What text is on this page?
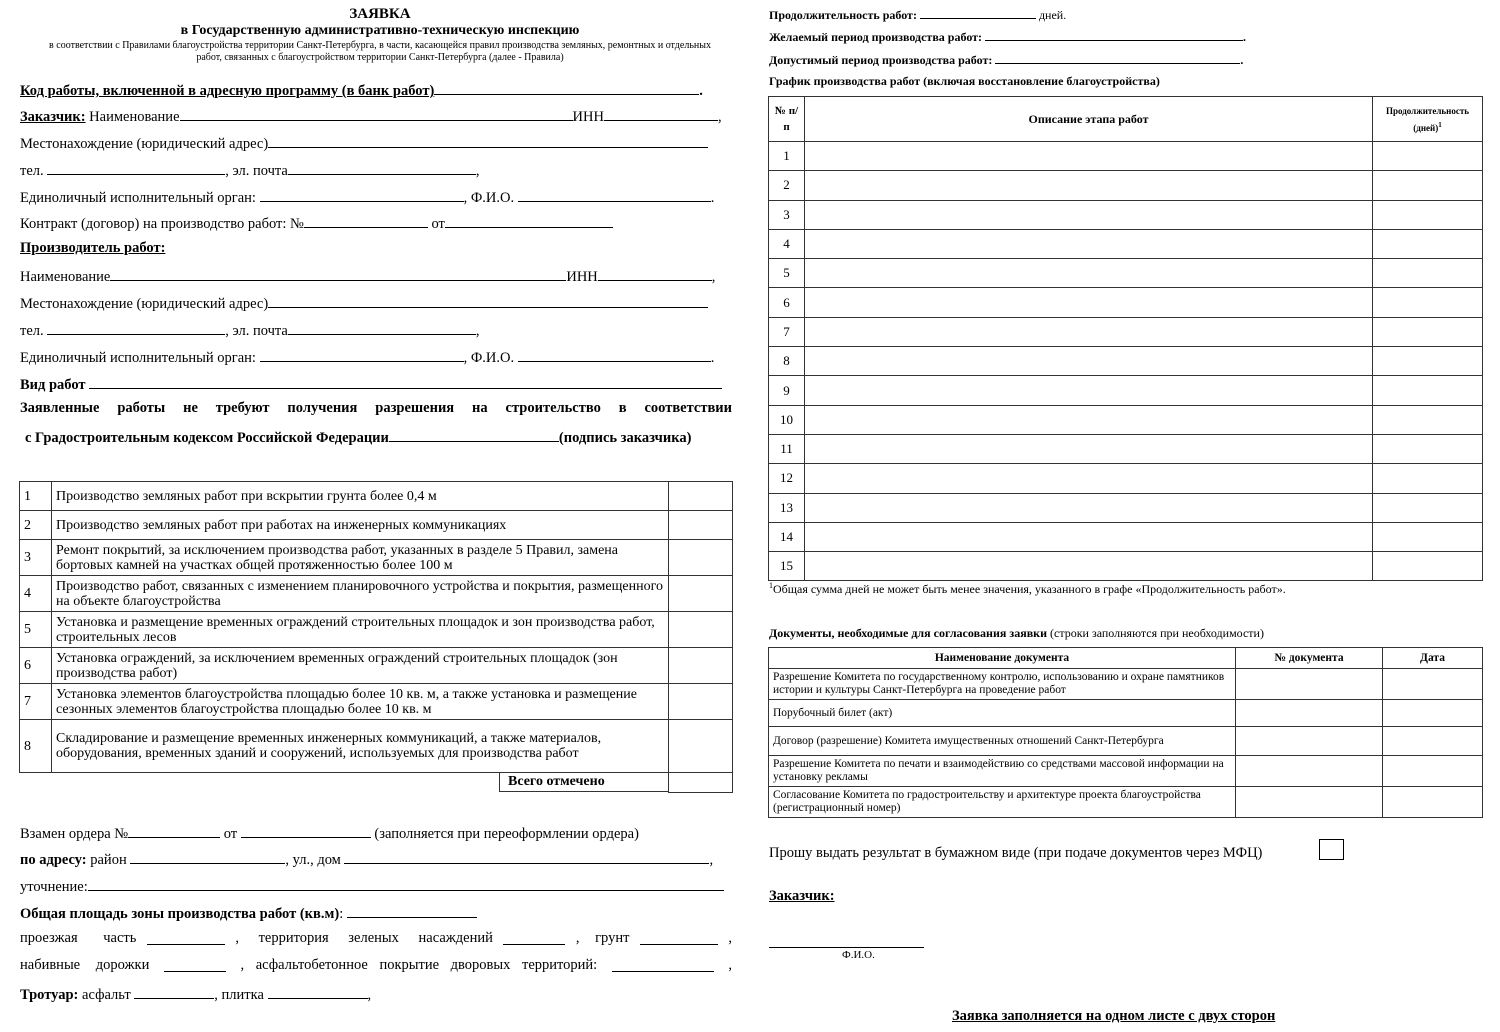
ЗАЯВКА
в Государственную административно-техническую инспекцию
в соответствии с Правилами благоустройства территории Санкт-Петербурга, в части, касающейся правил производства земляных, ремонтных и отдельных
работ, связанных с благоустройством территории Санкт-Петербурга (далее - Правила)
Код работы, включенной в адресную программу (в банк работ)	.
Заказчик: Наименование	ИНН	,
Местонахождение (юридический адрес)
тел.	, эл. почта	,
Единоличный исполнительный орган:	, Ф.И.О.	.
Контракт (договор) на производство работ: №	от
Производитель работ:
Наименование	ИНН	,
Местонахождение (юридический адрес)
тел.	, эл. почта	,
Единоличный исполнительный орган:	, Ф.И.О.	.
Вид работ
Заявленные работы не требуют получения разрешения на строительство в соответствии
с Градостроительным кодексом Российской Федерации	(подпись заказчика)
1	Производство земляных работ при вскрытии грунта более 0,4 м	
2	Производство земляных работ при работах на инженерных коммуникациях	
3	Ремонт покрытий, за исключением производства работ, указанных в разделе 5 Правил, замена бортовых камней на участках общей протяженностью более 100 м	
4	Производство работ, связанных с изменением планировочного устройства и покрытия, размещенного на объекте благоустройства	
5	Установка и размещение временных ограждений строительных площадок и зон производства работ, строительных лесов	
6	Установка ограждений, за исключением временных ограждений строительных площадок (зон производства работ)	
7	Установка элементов благоустройства площадью более 10 кв. м, а также установка и размещение сезонных элементов благоустройства площадью более 10 кв. м	
8	Складирование и размещение временных инженерных коммуникаций, а также материалов, оборудования, временных зданий и сооружений, используемых для производства работ	

Всего отмечено		

Взамен ордера №	от	(заполняется при переоформлении ордера)
по адресу: район	, ул., дом	,
уточнение:
Общая площадь зоны производства работ (кв.м):
проезжая часть	, территория зеленых насаждений	, грунт	,
набивные дорожки	, асфальтобетонное покрытие дворовых территорий:	,
Тротуар: асфальт	, плитка	,
Продолжительность работ:	дней.
Желаемый период производства работ:	.
Допустимый период производства работ:	.
График производства работ (включая восстановление благоустройства)
№ п/п	Описание этапа работ	Продолжительность (дней)$^1$
1		
2		
3		
4		
5		
6		
7		
8		
9		
10		
11		
12		
13		
14		
15		
$^1$Общая сумма дней не может быть менее значения, указанного в графе «Продолжительность работ».
Документы, необходимые для согласования заявки (строки заполняются при необходимости)
Наименование документа	№ документа	Дата
Разрешение Комитета по государственному контролю, использованию и охране памятников истории и культуры Санкт-Петербурга на проведение работ		
Порубочный билет (акт)		
Договор (разрешение) Комитета имущественных отношений Санкт-Петербурга		
Разрешение Комитета по печати и взаимодействию со средствами массовой информации на установку рекламы		
Согласование Комитета по градостроительству и архитектуре проекта благоустройства (регистрационный номер)		
Прошу выдать результат в бумажном виде (при подаче документов через МФЦ)
Заказчик:
Ф.И.О.
Заявка заполняется на одном листе с двух сторон
